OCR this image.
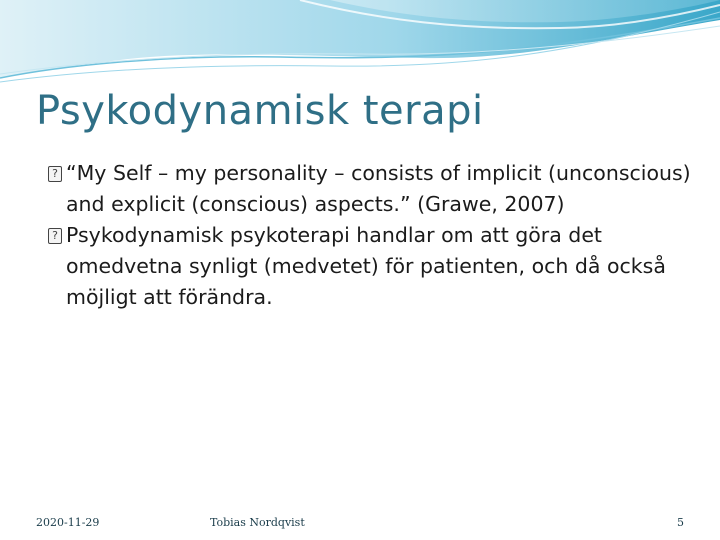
Psykodynamisk terapi
? “My Self – my personality – consists of implicit (unconscious) and explicit (conscious) aspects.” (Grawe, 2007)
? Psykodynamisk psykoterapi handlar om att göra det omedvetna synligt (medvetet) för patienten, och då också möjligt att förändra.
2020-11-29	Tobias Nordqvist	5
